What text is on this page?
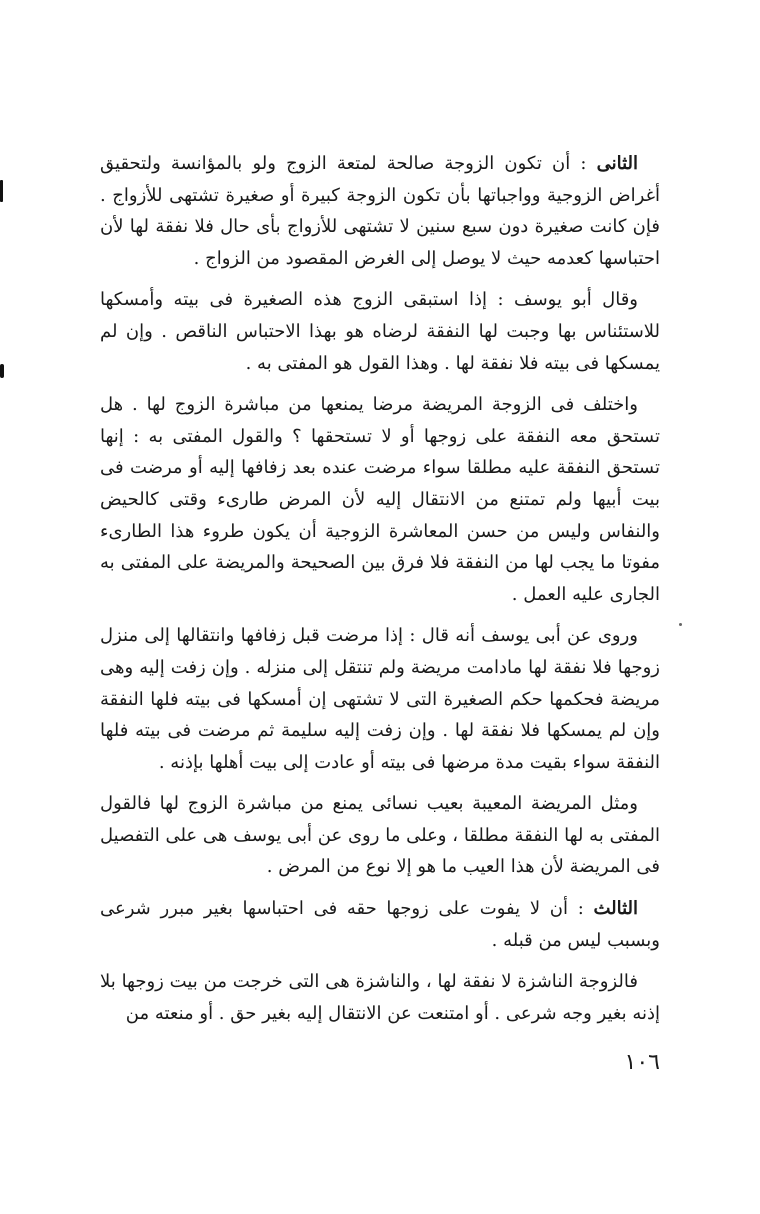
الثانى : أن تكون الزوجة صالحة لمتعة الزوج ولو بالمؤانسة ولتحقيق أغراض الزوجية وواجباتها بأن تكون الزوجة كبيرة أو صغيرة تشتهى للأزواج . فإن كانت صغيرة دون سبع سنين لا تشتهى للأزواج بأى حال فلا نفقة لها لأن احتباسها كعدمه حيث لا يوصل إلى الغرض المقصود من الزواج .

وقال أبو يوسف : إذا استبقى الزوج هذه الصغيرة فى بيته وأمسكها للاستئناس بها وجبت لها النفقة لرضاه هو بهذا الاحتباس الناقص . وإن لم يمسكها فى بيته فلا نفقة لها . وهذا القول هو المفتى به .

واختلف فى الزوجة المريضة مرضا يمنعها من مباشرة الزوج لها . هل تستحق معه النفقة على زوجها أو لا تستحقها ؟ والقول المفتى به : إنها تستحق النفقة عليه مطلقا سواء مرضت عنده بعد زفافها إليه أو مرضت فى بيت أبيها ولم تمتنع من الانتقال إليه لأن المرض طارىء وقتى كالحيض والنفاس وليس من حسن المعاشرة الزوجية أن يكون طروء هذا الطارىء مفوتا ما يجب لها من النفقة فلا فرق بين الصحيحة والمريضة على المفتى به الجارى عليه العمل .

وروى عن أبى يوسف أنه قال : إذا مرضت قبل زفافها وانتقالها إلى منزل زوجها فلا نفقة لها مادامت مريضة ولم تنتقل إلى منزله . وإن زفت إليه وهى مريضة فحكمها حكم الصغيرة التى لا تشتهى إن أمسكها فى بيته فلها النفقة وإن لم يمسكها فلا نفقة لها . وإن زفت إليه سليمة ثم مرضت فى بيته فلها النفقة سواء بقيت مدة مرضها فى بيته أو عادت إلى بيت أهلها بإذنه .

ومثل المريضة المعيبة بعيب نسائى يمنع من مباشرة الزوج لها فالقول المفتى به لها النفقة مطلقا ، وعلى ما روى عن أبى يوسف هى على التفصيل فى المريضة لأن هذا العيب ما هو إلا نوع من المرض .

الثالث : أن لا يفوت على زوجها حقه فى احتباسها بغير مبرر شرعى وبسبب ليس من قبله .

فالزوجة الناشزة لا نفقة لها ، والناشزة هى التى خرجت من بيت زوجها بلا إذنه بغير وجه شرعى . أو امتنعت عن الانتقال إليه بغير حق . أو منعته من

١٠٦
